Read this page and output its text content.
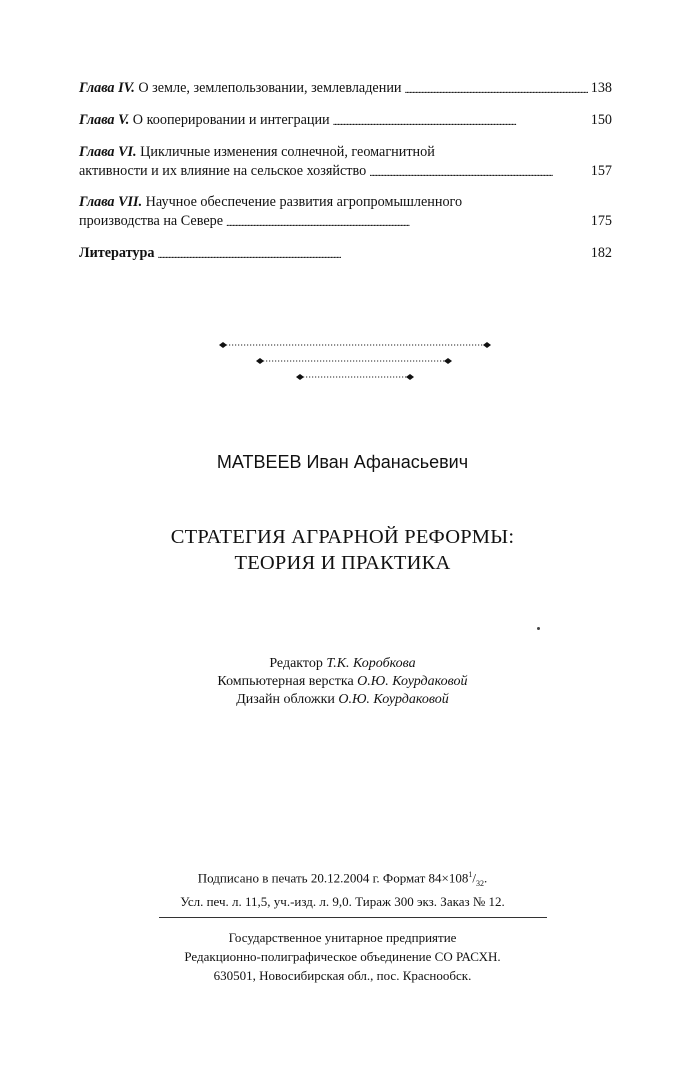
Глава IV.
О земле, землепользовании, землевладении . . .	138
Глава V.
О кооперировании и интеграции . . .	150
Глава VI.
Цикличные изменения солнечной, геомагнитной
активности и их влияние на сельское хозяйство . . .	157
Глава VII.
Научное обеспечение развития агропромышленного
производства на Севере . . .	175
Литература . . .	182
МАТВЕЕВ Иван Афанасьевич
СТРАТЕГИЯ АГРАРНОЙ РЕФОРМЫ:
ТЕОРИЯ И ПРАКТИКА
Редактор Т.К. Коробкова
Компьютерная верстка О.Ю. Коурдаковой
Дизайн обложки О.Ю. Коурдаковой
Подписано в печать 20.12.2004 г. Формат $84\times 108^1/_{32}$.
Усл. печ. л. 11,5, уч.-изд. л. 9,0. Тираж 300 экз. Заказ № 12.
Государственное унитарное предприятие
Редакционно-полиграфическое объединение СО РАСХН.
630501, Новосибирская обл., пос. Краснообск.
